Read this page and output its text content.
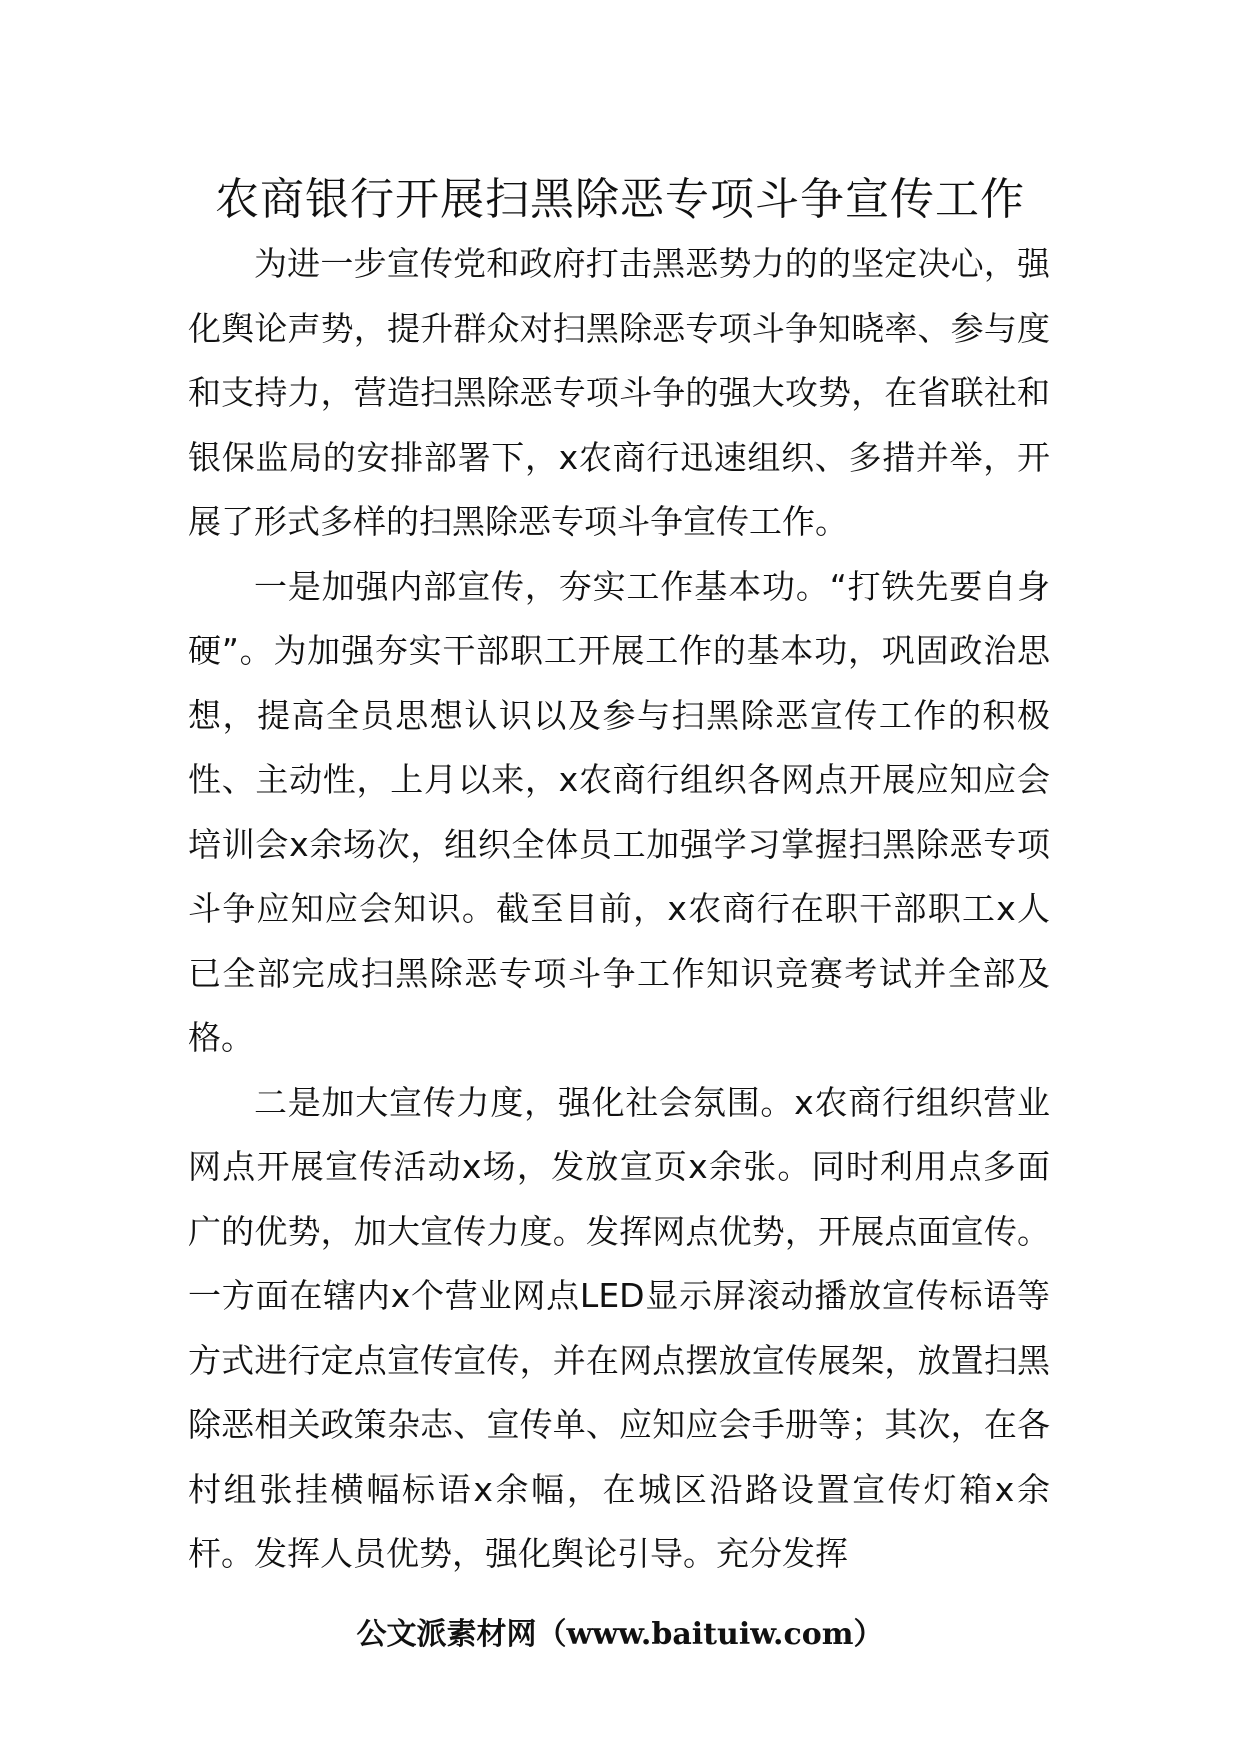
农商银行开展扫黑除恶专项斗争宣传工作

为进一步宣传党和政府打击黑恶势力的的坚定决心，强化舆论声势，提升群众对扫黑除恶专项斗争知晓率、参与度和支持力，营造扫黑除恶专项斗争的强大攻势，在省联社和银保监局的安排部署下，x农商行迅速组织、多措并举，开展了形式多样的扫黑除恶专项斗争宣传工作。

一是加强内部宣传，夯实工作基本功。“打铁先要自身硬”。为加强夯实干部职工开展工作的基本功，巩固政治思想，提高全员思想认识以及参与扫黑除恶宣传工作的积极性、主动性，上月以来，x农商行组织各网点开展应知应会培训会x余场次，组织全体员工加强学习掌握扫黑除恶专项斗争应知应会知识。截至目前，x农商行在职干部职工x人已全部完成扫黑除恶专项斗争工作知识竞赛考试并全部及格。

二是加大宣传力度，强化社会氛围。x农商行组织营业网点开展宣传活动x场，发放宣页x余张。同时利用点多面广的优势，加大宣传力度。发挥网点优势，开展点面宣传。一方面在辖内x个营业网点LED显示屏滚动播放宣传标语等方式进行定点宣传宣传，并在网点摆放宣传展架，放置扫黑除恶相关政策杂志、宣传单、应知应会手册等；其次，在各村组张挂横幅标语x余幅，在城区沿路设置宣传灯箱x余杆。发挥人员优势，强化舆论引导。充分发挥

公文派素材网（www.baituiw.com）
